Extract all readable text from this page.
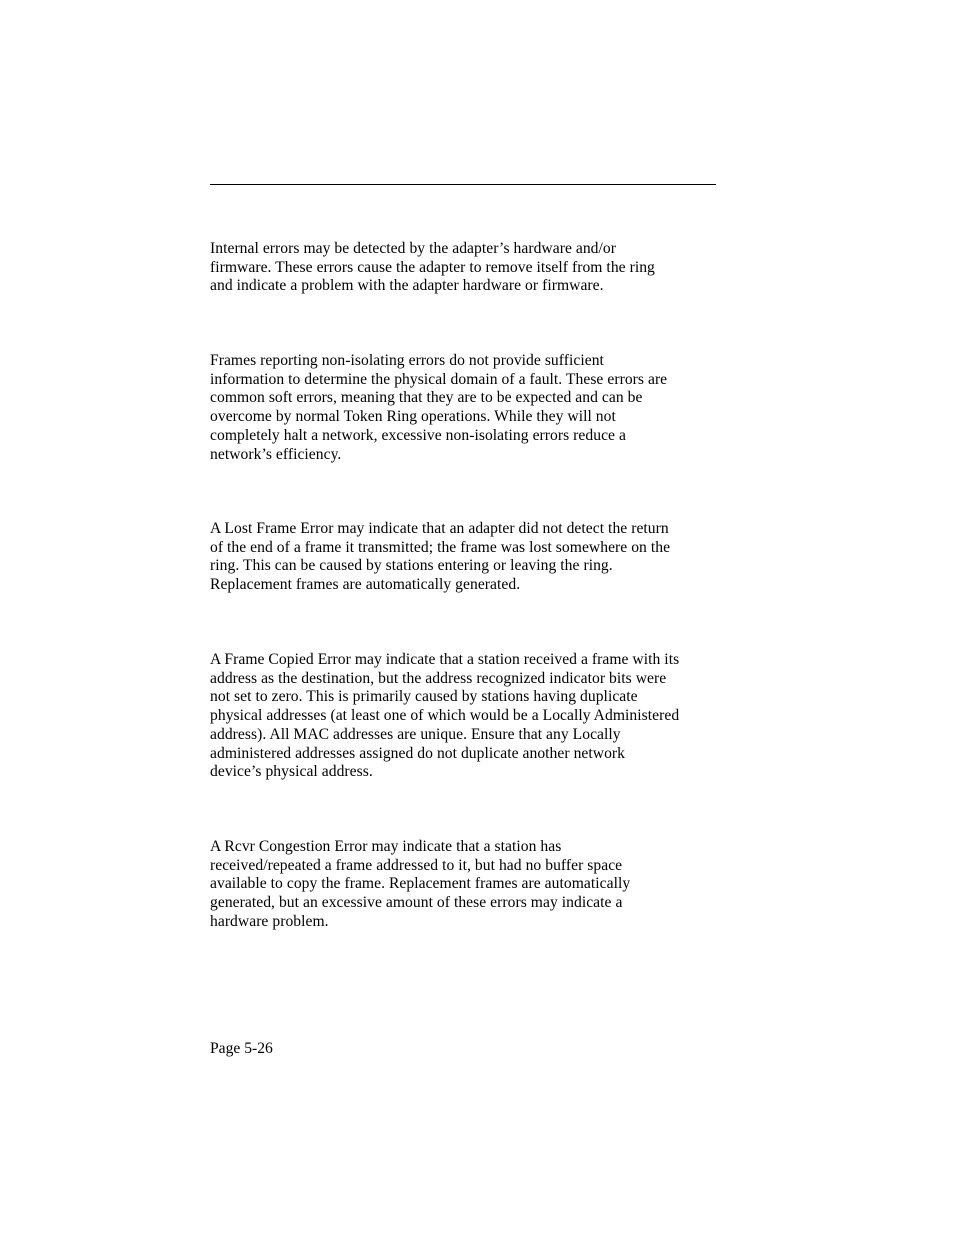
Internal errors may be detected by the adapter’s hardware and/or
firmware. These errors cause the adapter to remove itself from the ring
and indicate a problem with the adapter hardware or firmware.

Frames reporting non-isolating errors do not provide sufficient
information to determine the physical domain of a fault. These errors are
common soft errors, meaning that they are to be expected and can be
overcome by normal Token Ring operations. While they will not
completely halt a network, excessive non-isolating errors reduce a
network’s efficiency.

A Lost Frame Error may indicate that an adapter did not detect the return
of the end of a frame it transmitted; the frame was lost somewhere on the
ring. This can be caused by stations entering or leaving the ring.
Replacement frames are automatically generated.

A Frame Copied Error may indicate that a station received a frame with its
address as the destination, but the address recognized indicator bits were
not set to zero. This is primarily caused by stations having duplicate
physical addresses (at least one of which would be a Locally Administered
address). All MAC addresses are unique. Ensure that any Locally
administered addresses assigned do not duplicate another network
device’s physical address.

A Rcvr Congestion Error may indicate that a station has
received/repeated a frame addressed to it, but had no buffer space
available to copy the frame. Replacement frames are automatically
generated, but an excessive amount of these errors may indicate a
hardware problem.

Page 5-26
